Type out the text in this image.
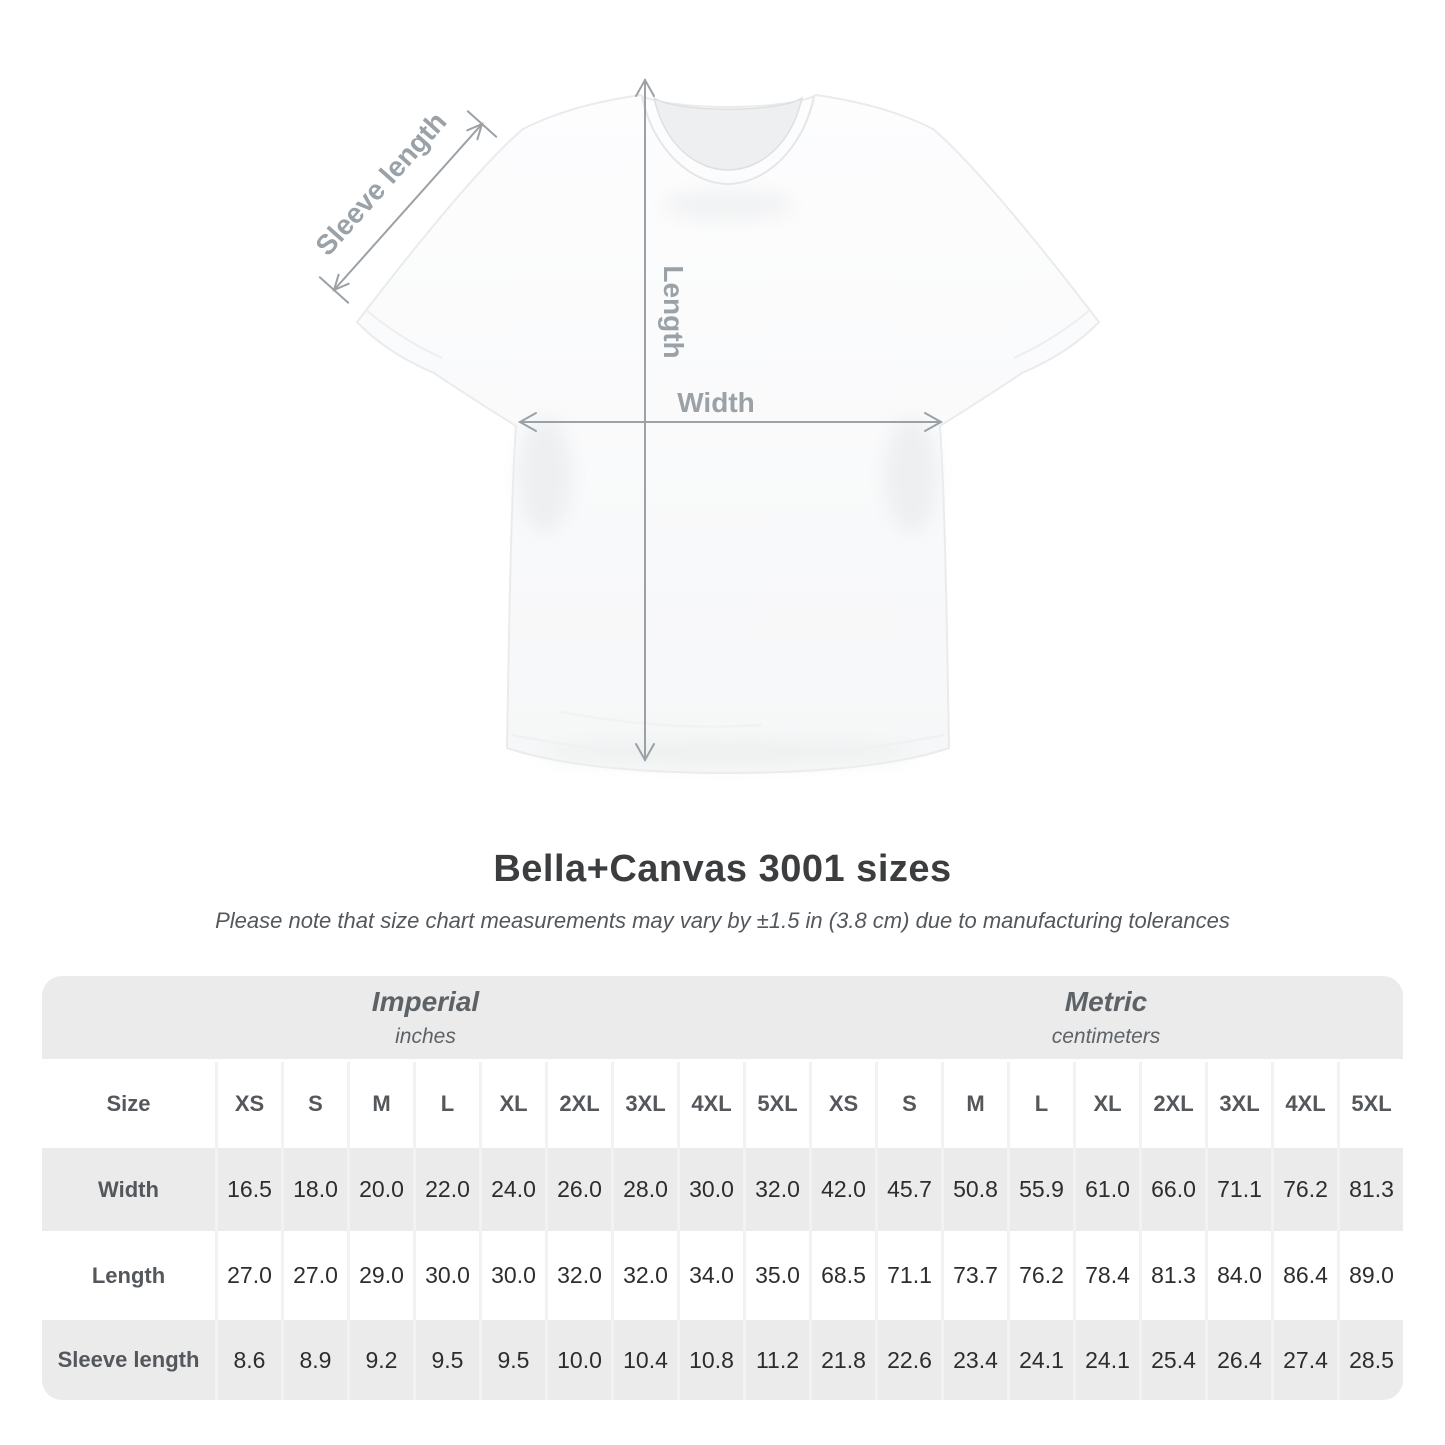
Sleeve length
Length
Width
Bella+Canvas 3001 sizes
Please note that size chart measurements may vary by ±1.5 in (3.8 cm) due to manufacturing tolerances
Imperial
inches
Metric
centimeters
Size	XS	S	M	L	XL	2XL	3XL	4XL	5XL	XS	S	M	L	XL	2XL	3XL	4XL	5XL
Width	16.5 18.0 20.0 22.0 24.0 26.0 28.0 30.0 32.0 42.0 45.7 50.8 55.9 61.0 66.0 71.1 76.2 81.3
Length	27.0 27.0 29.0 30.0 30.0 32.0 32.0 34.0 35.0 68.5 71.1 73.7 76.2 78.4 81.3 84.0 86.4 89.0
Sleeve length	8.6	8.9	9.2	9.5	9.5	10.0 10.4 10.8 11.2 21.8 22.6 23.4 24.1 24.1 25.4 26.4 27.4 28.5
